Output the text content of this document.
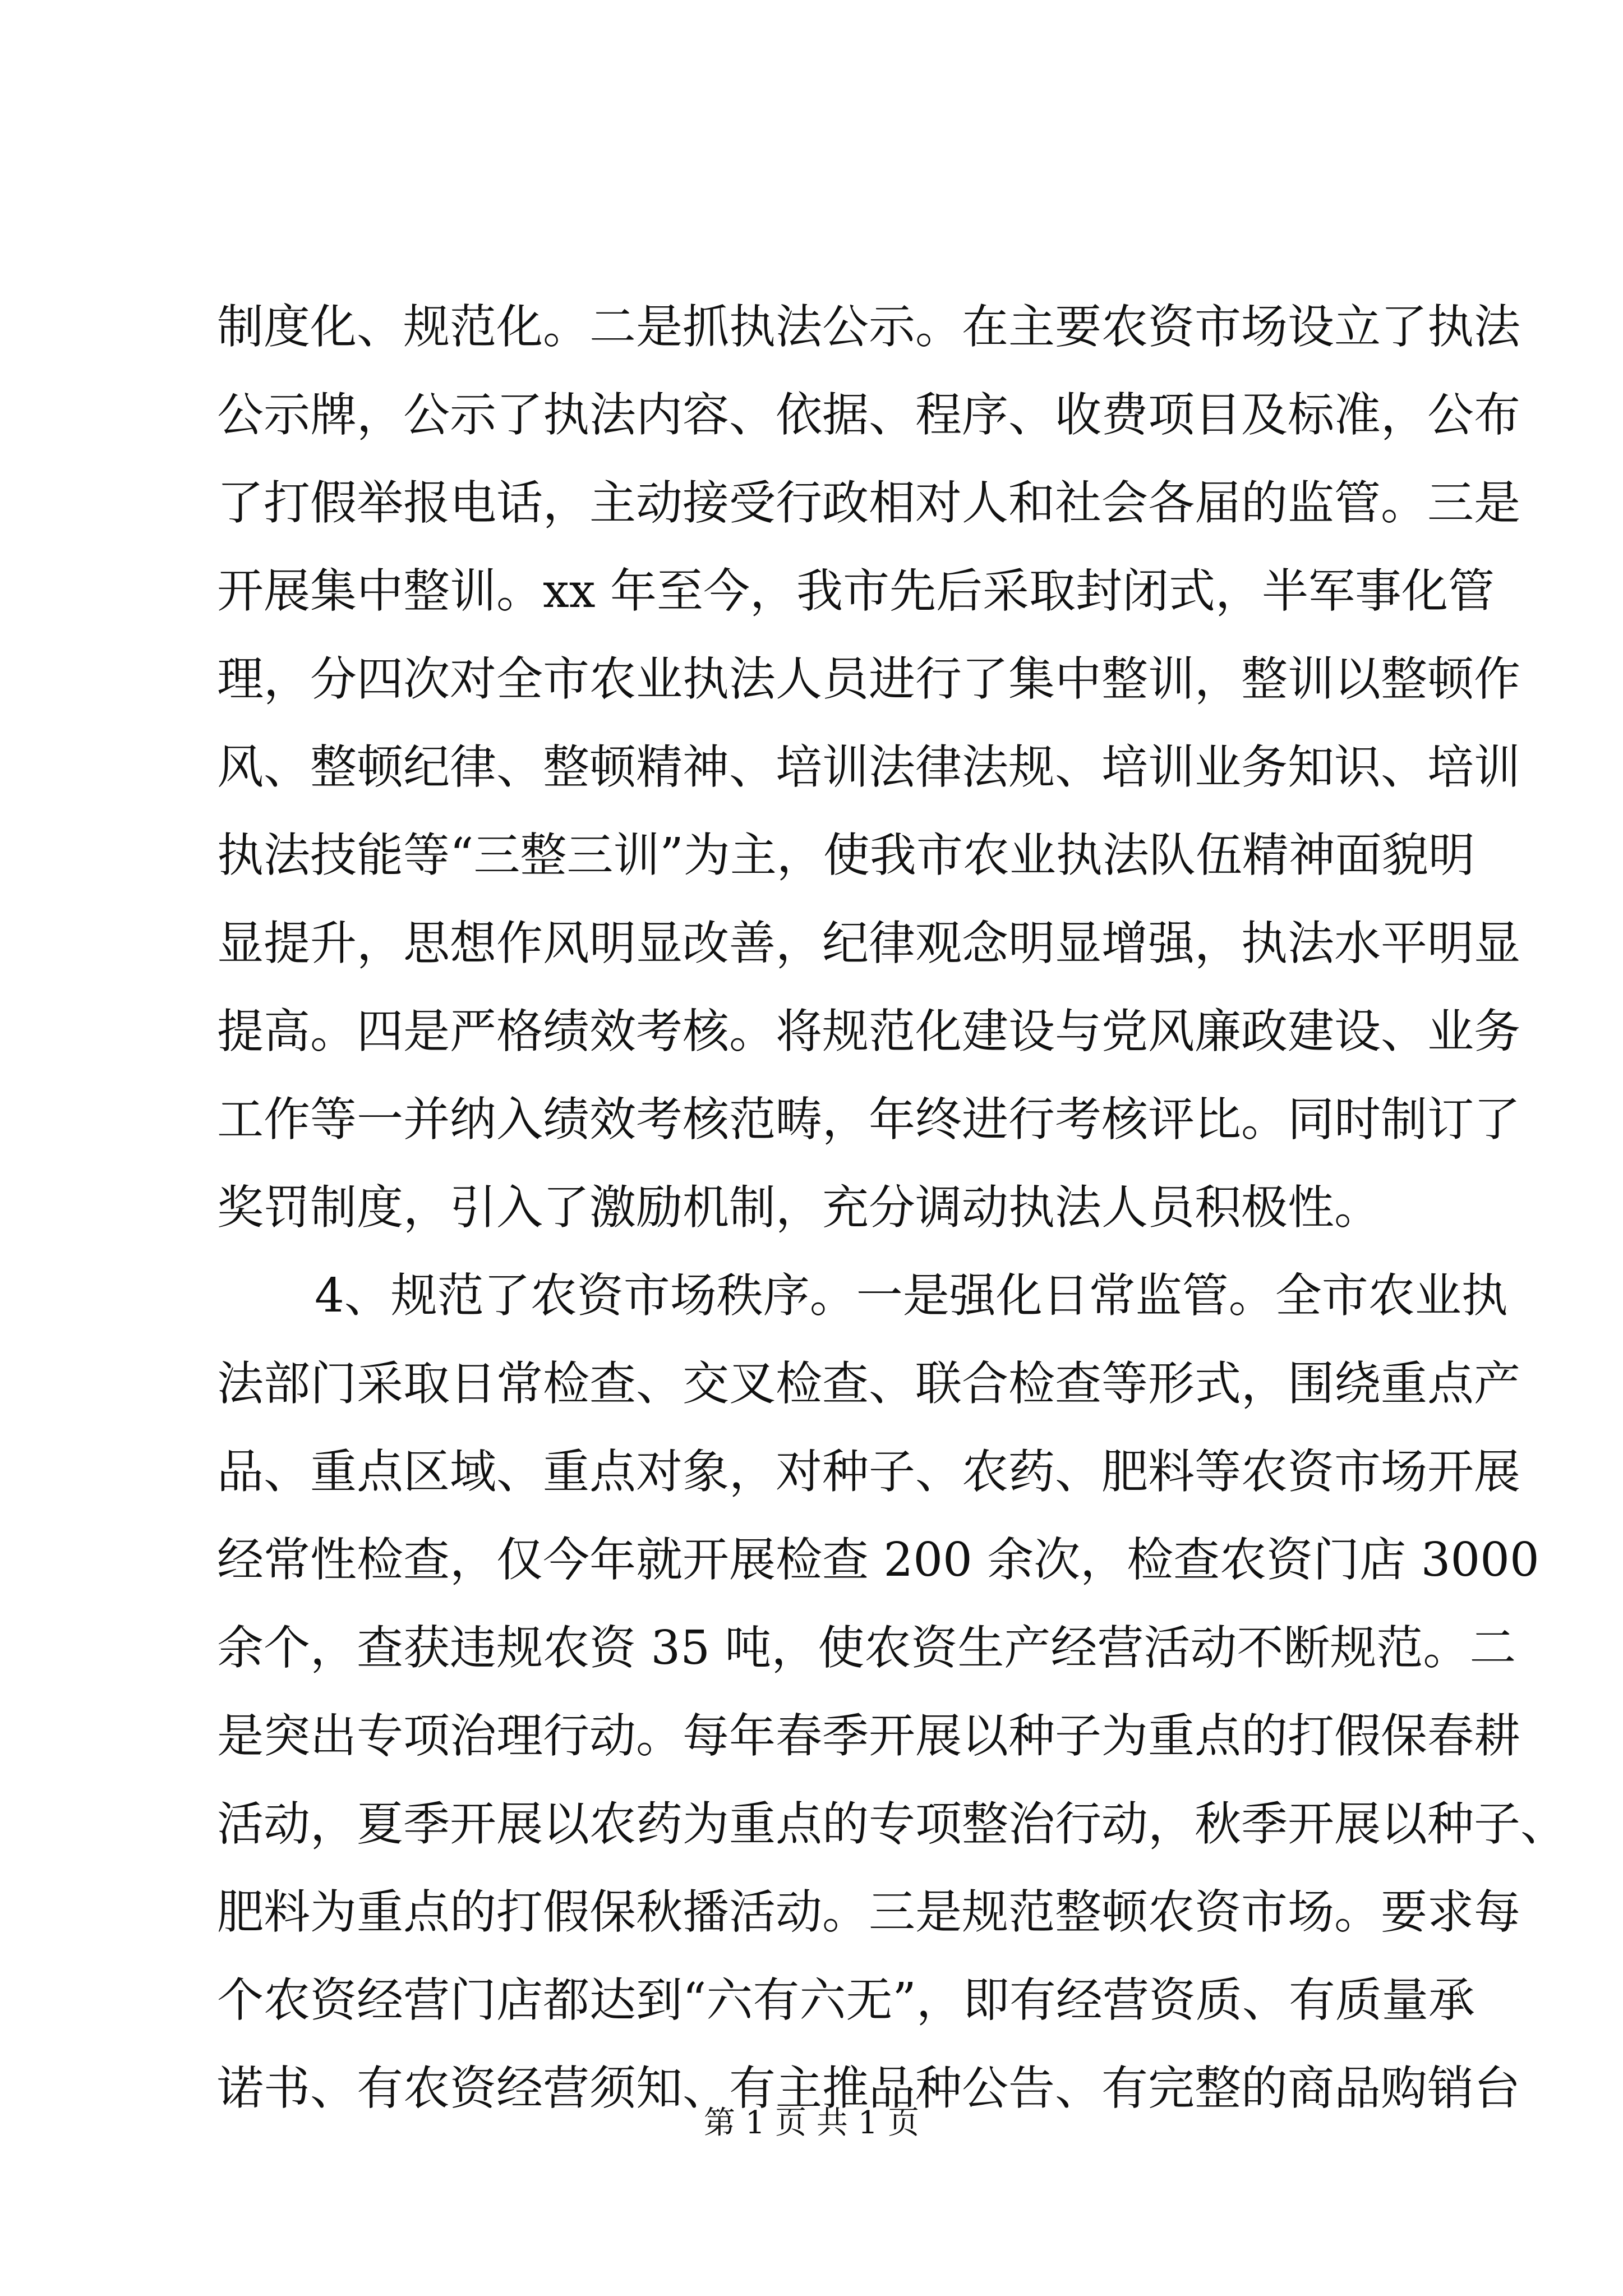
制度化、规范化。二是抓执法公示。在主要农资市场设立了执法
公示牌，公示了执法内容、依据、程序、收费项目及标准，公布
了打假举报电话，主动接受行政相对人和社会各届的监管。三是
开展集中整训。xx 年至今，我市先后采取封闭式，半军事化管
理，分四次对全市农业执法人员进行了集中整训，整训以整顿作
风、整顿纪律、整顿精神、培训法律法规、培训业务知识、培训
执法技能等“三整三训”为主，使我市农业执法队伍精神面貌明
显提升，思想作风明显改善，纪律观念明显增强，执法水平明显
提高。四是严格绩效考核。将规范化建设与党风廉政建设、业务
工作等一并纳入绩效考核范畴，年终进行考核评比。同时制订了
奖罚制度，引入了激励机制，充分调动执法人员积极性。
4、规范了农资市场秩序。一是强化日常监管。全市农业执
法部门采取日常检查、交叉检查、联合检查等形式，围绕重点产
品、重点区域、重点对象，对种子、农药、肥料等农资市场开展
经常性检查，仅今年就开展检查 200 余次，检查农资门店 3000
余个，查获违规农资 35 吨，使农资生产经营活动不断规范。二
是突出专项治理行动。每年春季开展以种子为重点的打假保春耕
活动，夏季开展以农药为重点的专项整治行动，秋季开展以种子、
肥料为重点的打假保秋播活动。三是规范整顿农资市场。要求每
个农资经营门店都达到“六有六无”，即有经营资质、有质量承
诺书、有农资经营须知、有主推品种公告、有完整的商品购销台
第 1 页 共 1 页
